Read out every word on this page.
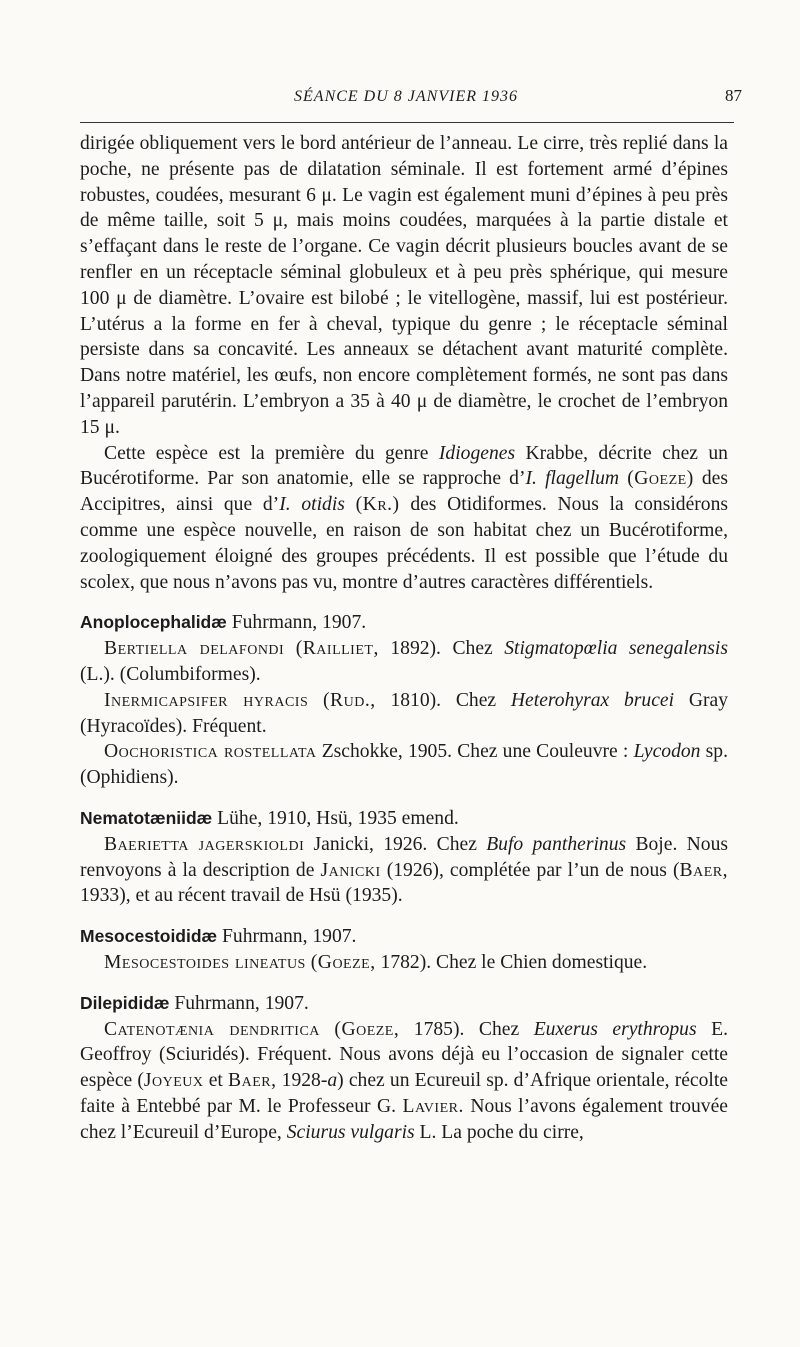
SÉANCE DU 8 JANVIER 1936	87

dirigée obliquement vers le bord antérieur de l’anneau. Le cirre, très replié dans la poche, ne présente pas de dilatation séminale. Il est fortement armé d’épines robustes, coudées, mesurant 6 μ. Le vagin est également muni d’épines à peu près de même taille, soit 5 μ, mais moins coudées, marquées à la partie distale et s’effaçant dans le reste de l’organe. Ce vagin décrit plusieurs boucles avant de se renfler en un réceptacle séminal globuleux et à peu près sphérique, qui mesure 100 μ de diamètre. L’ovaire est bilobé ; le vitellogène, massif, lui est postérieur. L’utérus a la forme en fer à cheval, typique du genre ; le réceptacle séminal persiste dans sa concavité. Les anneaux se détachent avant maturité complète. Dans notre matériel, les œufs, non encore complètement formés, ne sont pas dans l’appareil parutérin. L’embryon a 35 à 40 μ de diamètre, le crochet de l’embryon 15 μ.

Cette espèce est la première du genre Idiogenes Krabbe, décrite chez un Bucérotiforme. Par son anatomie, elle se rapproche d’I. flagellum (Goeze) des Accipitres, ainsi que d’I. otidis (Kr.) des Otidiformes. Nous la considérons comme une espèce nouvelle, en raison de son habitat chez un Bucérotiforme, zoologiquement éloigné des groupes précédents. Il est possible que l’étude du scolex, que nous n’avons pas vu, montre d’autres caractères différentiels.

Anoplocephalidæ Fuhrmann, 1907.

Bertiella delafondi (Railliet, 1892). Chez Stigmatopœlia senegalensis (L.). (Columbiformes).

Inermicapsifer hyracis (Rud., 1810). Chez Heterohyrax brucei Gray (Hyracoïdes). Fréquent.

Oochoristica rostellata Zschokke, 1905. Chez une Couleuvre : Lycodon sp. (Ophidiens).

Nematotæniidæ Lühe, 1910, Hsü, 1935 emend.

Baerietta jagerskioldi Janicki, 1926. Chez Bufo pantherinus Boje. Nous renvoyons à la description de Janicki (1926), complétée par l’un de nous (Baer, 1933), et au récent travail de Hsü (1935).

Mesocestoididæ Fuhrmann, 1907.

Mesocestoides lineatus (Goeze, 1782). Chez le Chien domestique.

Dilepididæ Fuhrmann, 1907.

Catenotænia dendritica (Goeze, 1785). Chez Euxerus erythropus E. Geoffroy (Sciuridés). Fréquent. Nous avons déjà eu l’occasion de signaler cette espèce (Joyeux et Baer, 1928-a) chez un Ecureuil sp. d’Afrique orientale, récolte faite à Entebbé par M. le Professeur G. Lavier. Nous l’avons également trouvée chez l’Ecureuil d’Europe, Sciurus vulgaris L. La poche du cirre,
